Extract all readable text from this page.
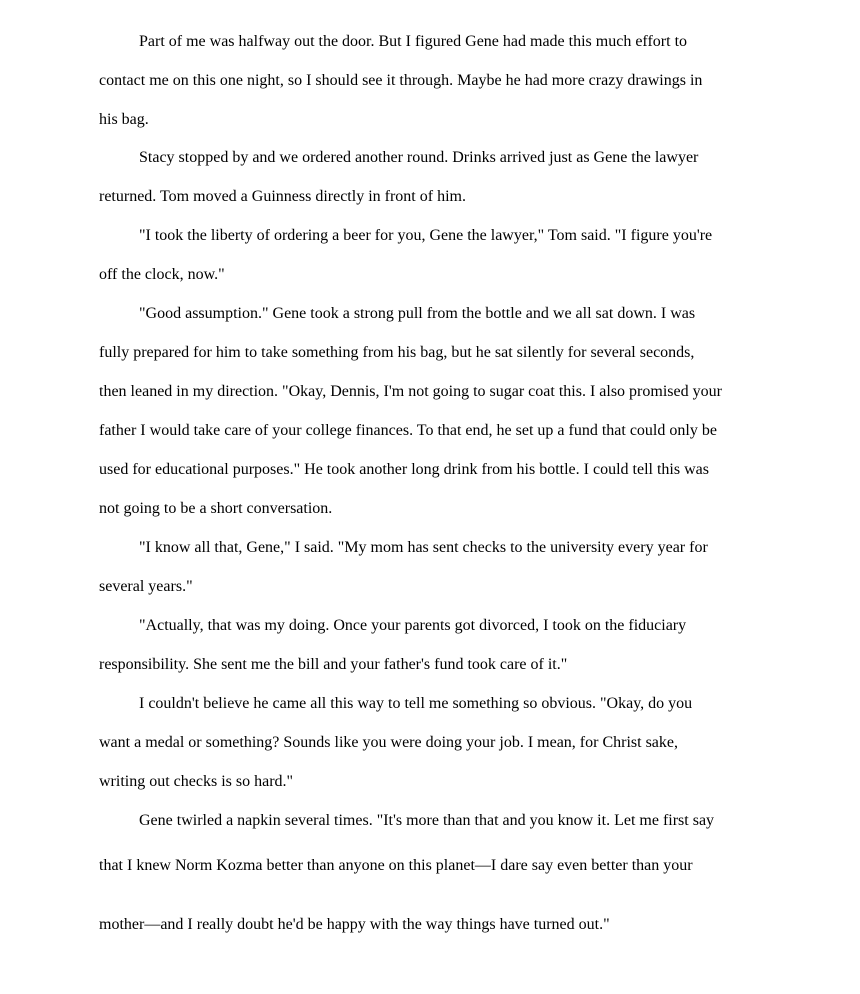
Part of me was halfway out the door. But I figured Gene had made this much effort to

contact me on this one night, so I should see it through. Maybe he had more crazy drawings in

his bag.

Stacy stopped by and we ordered another round. Drinks arrived just as Gene the lawyer

returned. Tom moved a Guinness directly in front of him.

"I took the liberty of ordering a beer for you, Gene the lawyer," Tom said. "I figure you're

off the clock, now."

"Good assumption." Gene took a strong pull from the bottle and we all sat down. I was

fully prepared for him to take something from his bag, but he sat silently for several seconds,

then leaned in my direction. "Okay, Dennis, I'm not going to sugar coat this. I also promised your

father I would take care of your college finances. To that end, he set up a fund that could only be

used for educational purposes." He took another long drink from his bottle. I could tell this was

not going to be a short conversation.

"I know all that, Gene," I said. "My mom has sent checks to the university every year for

several years."

"Actually, that was my doing. Once your parents got divorced, I took on the fiduciary

responsibility. She sent me the bill and your father's fund took care of it."

I couldn't believe he came all this way to tell me something so obvious. "Okay, do you

want a medal or something? Sounds like you were doing your job. I mean, for Christ sake,

writing out checks is so hard."

Gene twirled a napkin several times. "It's more than that and you know it. Let me first say

that I knew Norm Kozma better than anyone on this planet—I dare say even better than your

mother—and I really doubt he'd be happy with the way things have turned out."
